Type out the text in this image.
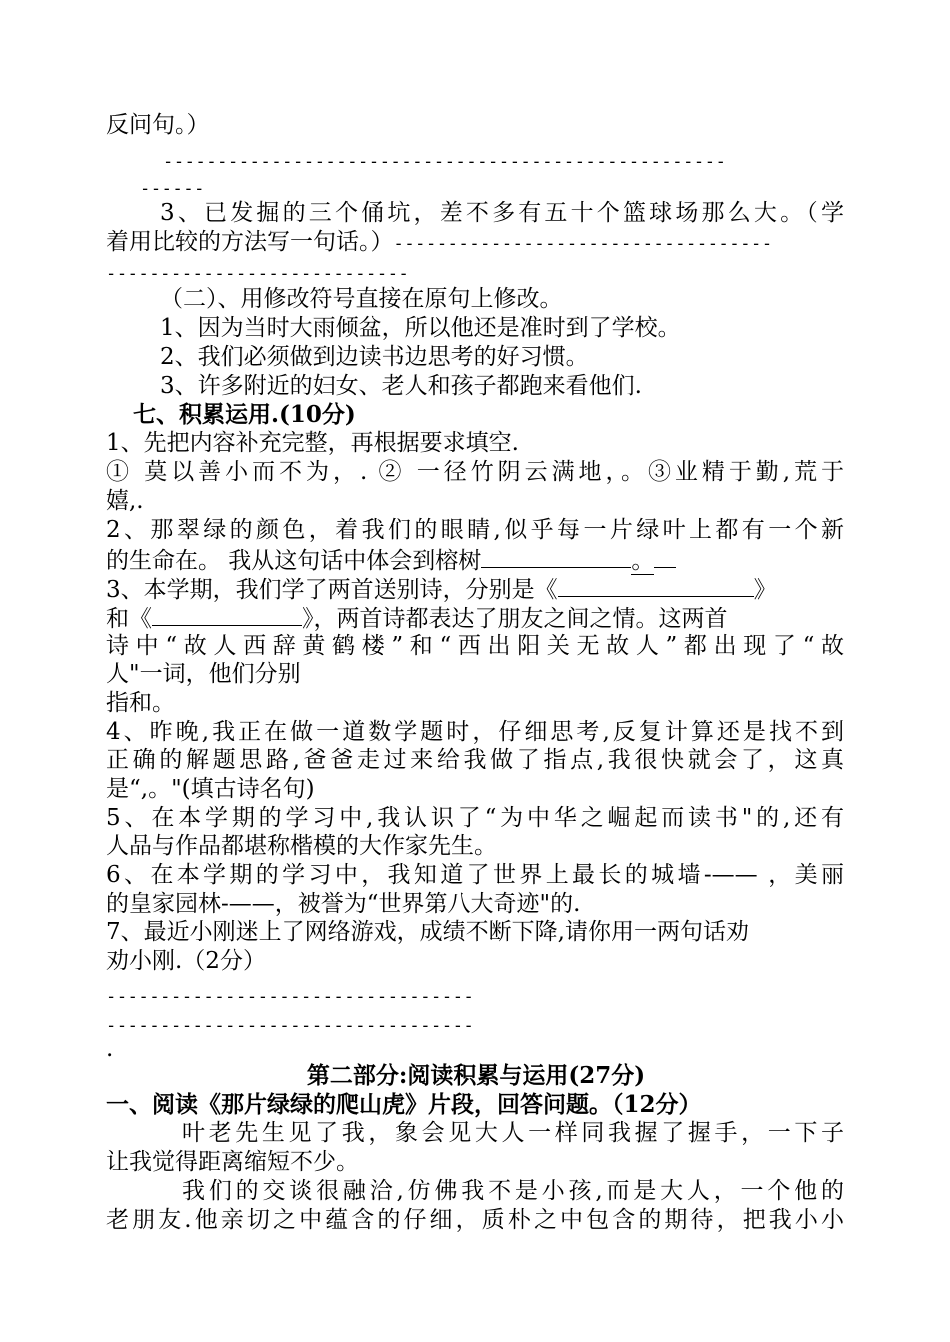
反问句。）
----------------------------------------------------
------
3、已发掘的三个俑坑，差不多有五十个篮球场那么大。（学
着用比较的方法写一句话。）-----------------------------------
----------------------------
（二）、用修改符号直接在原句上修改。
1、因为当时大雨倾盆，所以他还是准时到了学校。
2、我们必须做到边读书边思考的好习惯。
3、许多附近的妇女、老人和孩子都跑来看他们.
七、积累运用.(10分)
1、先把内容补充完整，再根据要求填空.
① 莫以善小而不为，. ② 一径竹阴云满地，。③业精于勤,荒于
嬉,.
2、那翠绿的颜色，着我们的眼睛,似乎每一片绿叶上都有一个新
的生命在。 我从这句话中体会到榕树	。
3、本学期，我们学了两首送别诗，分别是《	》
和《	》，两首诗都表达了朋友之间之情。这两首
诗中“故人西辞黄鹤楼”和“西出阳关无故人”都出现了“故
人"一词，他们分别
指和。
4、昨晚,我正在做一道数学题时，仔细思考,反复计算还是找不到
正确的解题思路,爸爸走过来给我做了指点,我很快就会了，这真
是“,。"(填古诗名句)
5、在本学期的学习中,我认识了“为中华之崛起而读书"的,还有
人品与作品都堪称楷模的大作家先生。
6、在本学期的学习中，我知道了世界上最长的城墙-—— ，美丽
的皇家园林-——，被誉为“世界第八大奇迹"的.
7、最近小刚迷上了网络游戏，成绩不断下降,请你用一两句话劝
劝小刚.（2分）
----------------------------------
----------------------------------
.
第二部分:阅读积累与运用(27分)
一、阅读《那片绿绿的爬山虎》片段，回答问题。（12分）
叶老先生见了我，象会见大人一样同我握了握手，一下子
让我觉得距离缩短不少。
我们的交谈很融洽,仿佛我不是小孩,而是大人，一个他的
老朋友.他亲切之中蕴含的仔细，质朴之中包含的期待，把我小小
